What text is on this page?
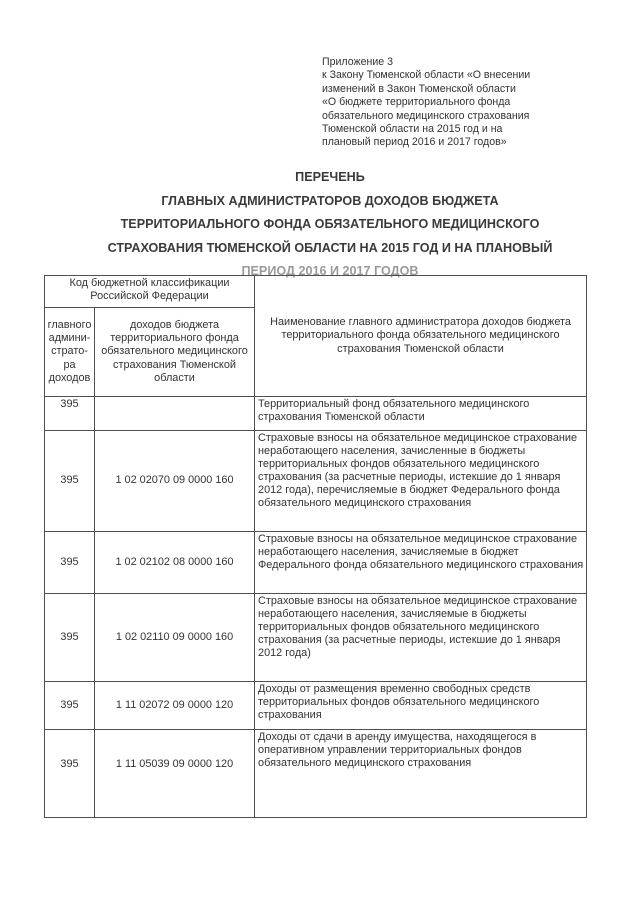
Приложение 3
к Закону Тюменской области «О внесении
изменений в Закон Тюменской области
«О бюджете территориального фонда
обязательного медицинского страхования
Тюменской области на 2015 год и на
плановый период 2016 и 2017 годов»
ПЕРЕЧЕНЬ
ГЛАВНЫХ АДМИНИСТРАТОРОВ ДОХОДОВ БЮДЖЕТА
ТЕРРИТОРИАЛЬНОГО ФОНДА ОБЯЗАТЕЛЬНОГО МЕДИЦИНСКОГО
СТРАХОВАНИЯ ТЮМЕНСКОЙ ОБЛАСТИ НА 2015 ГОД И НА ПЛАНОВЫЙ
ПЕРИОД 2016 И 2017 ГОДОВ
Код бюджетной классификации Российской Федерации		Наименование главного администратора доходов бюджета территориального фонда обязательного медицинского страхования Тюменской области
главного админи-страто-ра доходов	доходов бюджета территориального фонда обязательного медицинского страхования Тюменской области	
395		Территориальный фонд обязательного медицинского страхования Тюменской области
395	1 02 02070 09 0000 160	Страховые взносы на обязательное медицинское страхование неработающего населения, зачисленные в бюджеты территориальных фондов обязательного медицинского страхования (за расчетные периоды, истекшие до 1 января 2012 года), перечисляемые в бюджет Федерального фонда обязательного медицинского страхования
395	1 02 02102 08 0000 160	Страховые взносы на обязательное медицинское страхование неработающего населения, зачисляемые в бюджет Федерального фонда обязательного медицинского страхования
395	1 02 02110 09 0000 160	Страховые взносы на обязательное медицинское страхование неработающего населения, зачисляемые в бюджеты территориальных фондов обязательного медицинского страхования (за расчетные периоды, истекшие до 1 января 2012 года)
395	1 11 02072 09 0000 120	Доходы от размещения временно свободных средств территориальных фондов обязательного медицинского страхования
395	1 11 05039 09 0000 120	Доходы от сдачи в аренду имущества, находящегося в оперативном управлении территориальных фондов обязательного медицинского страхования
